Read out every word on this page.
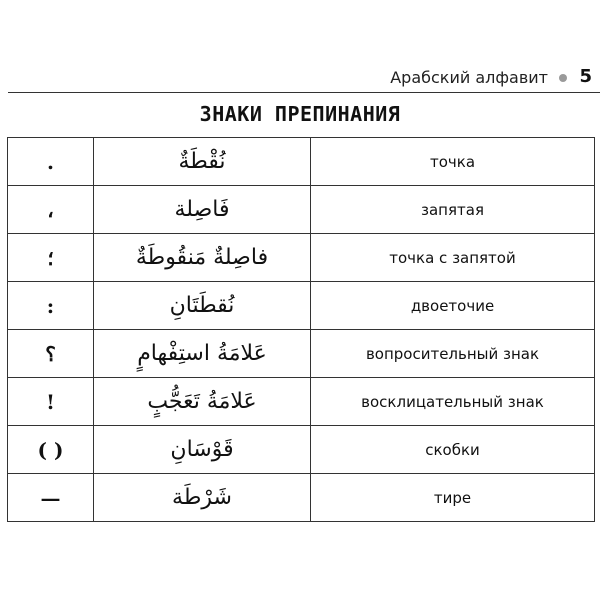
Арабский алфавит 5
ЗНАКИ ПРЕПИНАНИЯ
.	نُقْطَةٌ	точка
،	فَاصِلة	запятая
؛	فاصِلةٌ مَنقُوطَةٌ	точка с запятой
:	نُقطَتَانِ	двоеточие
؟	عَلامَةُ استِفْهامٍ	вопросительный знак
!	عَلامَةُ تَعَجُّبٍ	восклицательный знак
( )	قَوْسَانِ	скобки
—	شَرْطَة	тире
